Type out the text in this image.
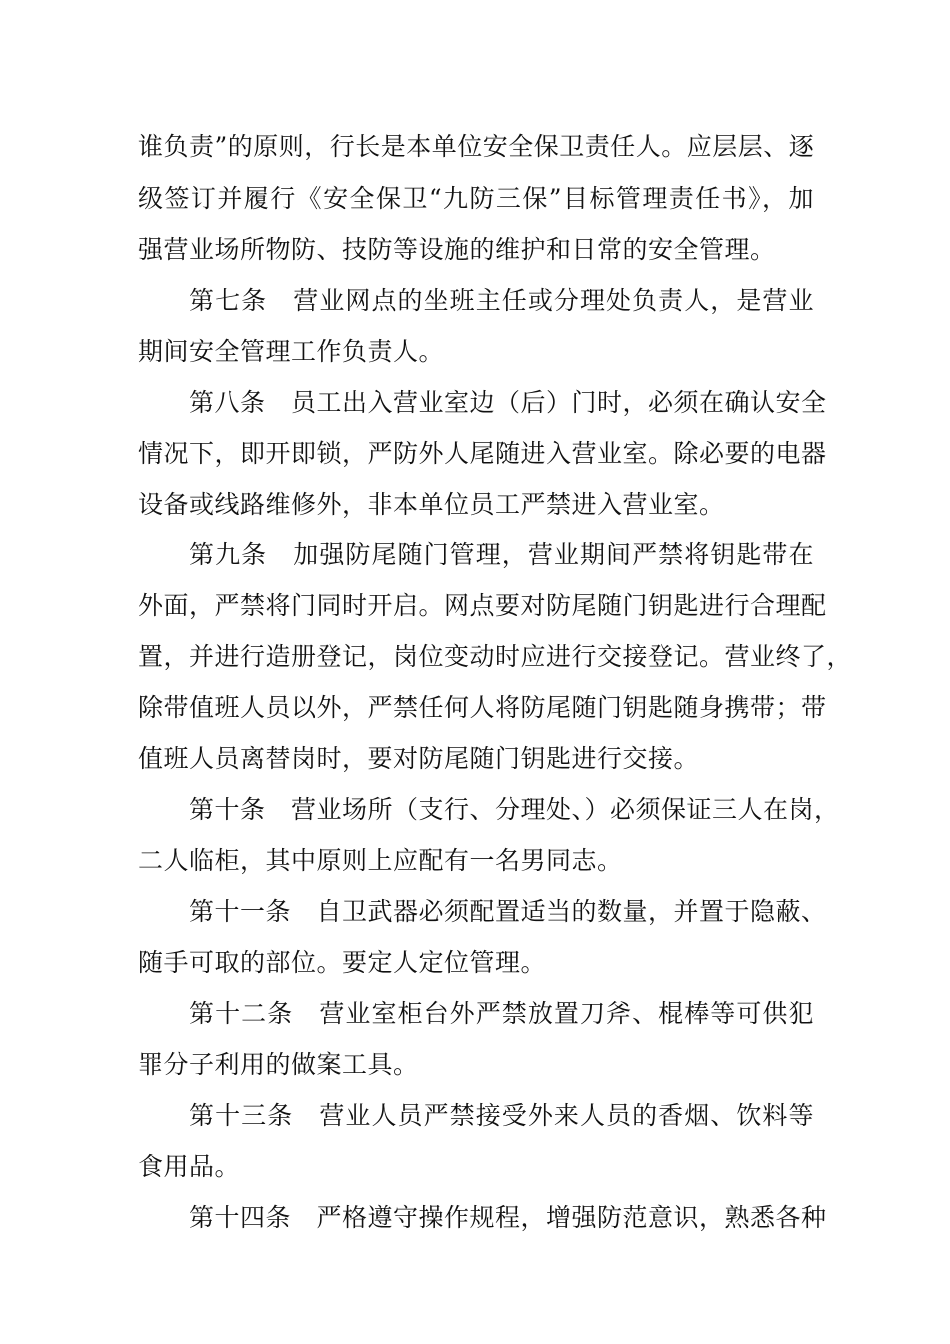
谁负责”的原则，行长是本单位安全保卫责任人。应层层、逐
级签订并履行《安全保卫“九防三保”目标管理责任书》，加
强营业场所物防、技防等设施的维护和日常的安全管理。
第七条　营业网点的坐班主任或分理处负责人，是营业
期间安全管理工作负责人。
第八条　员工出入营业室边（后）门时，必须在确认安全
情况下，即开即锁，严防外人尾随进入营业室。除必要的电器
设备或线路维修外，非本单位员工严禁进入营业室。
第九条　加强防尾随门管理，营业期间严禁将钥匙带在
外面，严禁将门同时开启。网点要对防尾随门钥匙进行合理配
置，并进行造册登记，岗位变动时应进行交接登记。营业终了，
除带值班人员以外，严禁任何人将防尾随门钥匙随身携带；带
值班人员离替岗时，要对防尾随门钥匙进行交接。
第十条　营业场所（支行、分理处、）必须保证三人在岗，
二人临柜，其中原则上应配有一名男同志。
第十一条　自卫武器必须配置适当的数量，并置于隐蔽、
随手可取的部位。要定人定位管理。
第十二条　营业室柜台外严禁放置刀斧、棍棒等可供犯
罪分子利用的做案工具。
第十三条　营业人员严禁接受外来人员的香烟、饮料等
食用品。
第十四条　严格遵守操作规程，增强防范意识，熟悉各种
